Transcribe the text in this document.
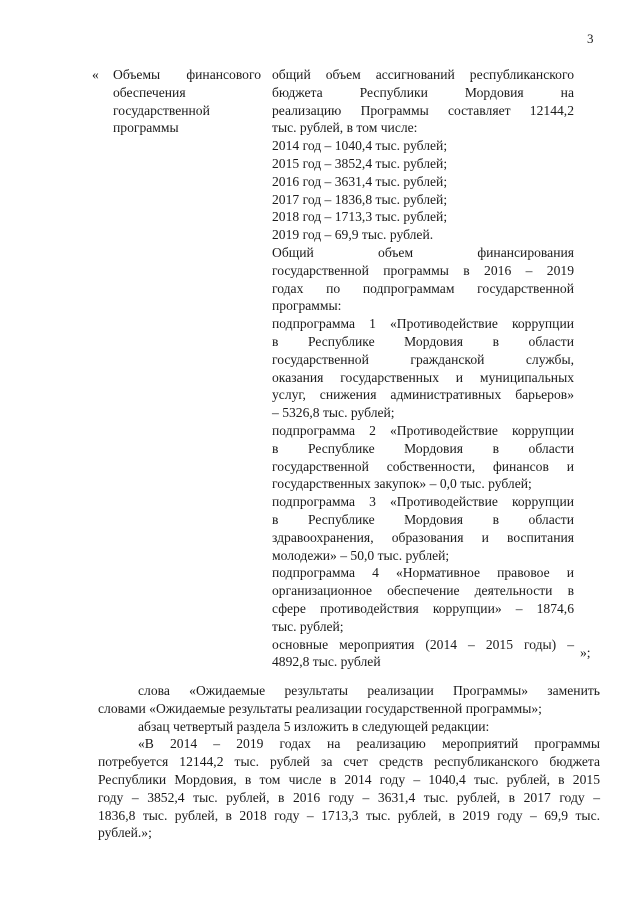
3
« Объемы финансового
обеспечения
государственной
программы
общий объем ассигнований республиканского
бюджета Республики Мордовия на
реализацию Программы составляет 12144,2
тыс. рублей, в том числе:
2014 год – 1040,4 тыс. рублей;
2015 год – 3852,4 тыс. рублей;
2016 год – 3631,4 тыс. рублей;
2017 год – 1836,8 тыс. рублей;
2018 год – 1713,3 тыс. рублей;
2019 год – 69,9 тыс. рублей.
Общий объем финансирования
государственной программы в 2016 – 2019
годах по подпрограммам государственной
программы:
подпрограмма 1 «Противодействие коррупции
в Республике Мордовия в области
государственной гражданской службы,
оказания государственных и муниципальных
услуг, снижения административных барьеров»
– 5326,8 тыс. рублей;
подпрограмма 2 «Противодействие коррупции
в Республике Мордовия в области
государственной собственности, финансов и
государственных закупок» – 0,0 тыс. рублей;
подпрограмма 3 «Противодействие коррупции
в Республике Мордовия в области
здравоохранения, образования и воспитания
молодежи» – 50,0 тыс. рублей;
подпрограмма 4 «Нормативное правовое и
организационное обеспечение деятельности в
сфере противодействия коррупции» – 1874,6
тыс. рублей;
основные мероприятия (2014 – 2015 годы) –
4892,8 тыс. рублей
»;
слова «Ожидаемые результаты реализации Программы» заменить
словами «Ожидаемые результаты реализации государственной программы»;
абзац четвертый раздела 5 изложить в следующей редакции:
«В 2014 – 2019 годах на реализацию мероприятий программы
потребуется 12144,2 тыс. рублей за счет средств республиканского бюджета
Республики Мордовия, в том числе в 2014 году – 1040,4 тыс. рублей, в 2015
году – 3852,4 тыс. рублей, в 2016 году – 3631,4 тыс. рублей, в 2017 году –
1836,8 тыс. рублей, в 2018 году – 1713,3 тыс. рублей, в 2019 году – 69,9 тыс.
рублей.»;
